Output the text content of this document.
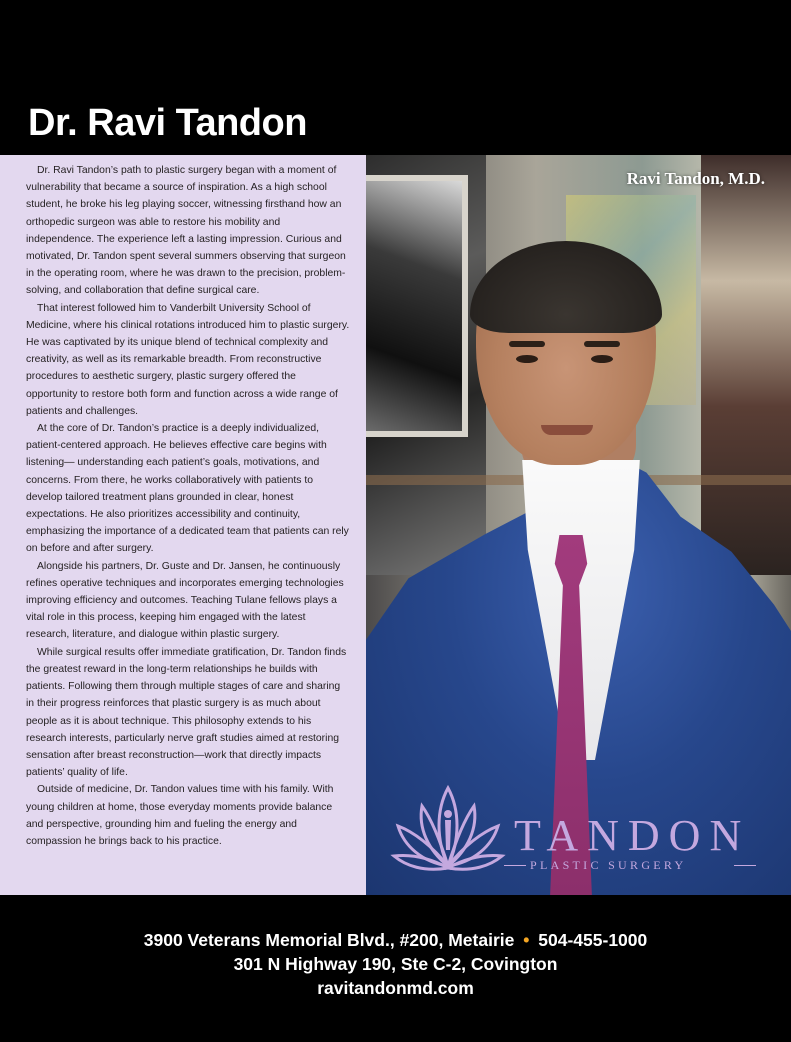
Dr. Ravi Tandon

Dr. Ravi Tandon’s path to plastic surgery began with a moment of vulnerability that became a source of inspiration. As a high school student, he broke his leg playing soccer, witnessing firsthand how an orthopedic surgeon was able to restore his mobility and independence. The experience left a lasting impression. Curious and motivated, Dr. Tandon spent several summers observing that surgeon in the operating room, where he was drawn to the precision, problem-solving, and collaboration that define surgical care.

That interest followed him to Vanderbilt University School of Medicine, where his clinical rotations introduced him to plastic surgery. He was captivated by its unique blend of technical complexity and creativity, as well as its remarkable breadth. From reconstructive procedures to aesthetic surgery, plastic surgery offered the opportunity to restore both form and function across a wide range of patients and challenges.

At the core of Dr. Tandon’s practice is a deeply individualized, patient-centered approach. He believes effective care begins with listening— understanding each patient’s goals, motivations, and concerns. From there, he works collaboratively with patients to develop tailored treatment plans grounded in clear, honest expectations. He also prioritizes accessibility and continuity, emphasizing the importance of a dedicated team that patients can rely on before and after surgery.

Alongside his partners, Dr. Guste and Dr. Jansen, he continuously refines operative techniques and incorporates emerging technologies improving efficiency and outcomes. Teaching Tulane fellows plays a vital role in this process, keeping him engaged with the latest research, literature, and dialogue within plastic surgery.

While surgical results offer immediate gratification, Dr. Tandon finds the greatest reward in the long-term relationships he builds with patients. Following them through multiple stages of care and sharing in their progress reinforces that plastic surgery is as much about people as it is about technique. This philosophy extends to his research interests, particularly nerve graft studies aimed at restoring sensation after breast reconstruction—work that directly impacts patients’ quality of life.

Outside of medicine, Dr. Tandon values time with his family. With young children at home, those everyday moments provide balance and perspective, grounding him and fueling the energy and compassion he brings back to his practice.

Ravi Tandon, M.D.
TANDON
PLASTIC SURGERY
3900 Veterans Memorial Blvd., #200, Metairie • 504-455-1000
301 N Highway 190, Ste C-2, Covington
ravitandonmd.com
